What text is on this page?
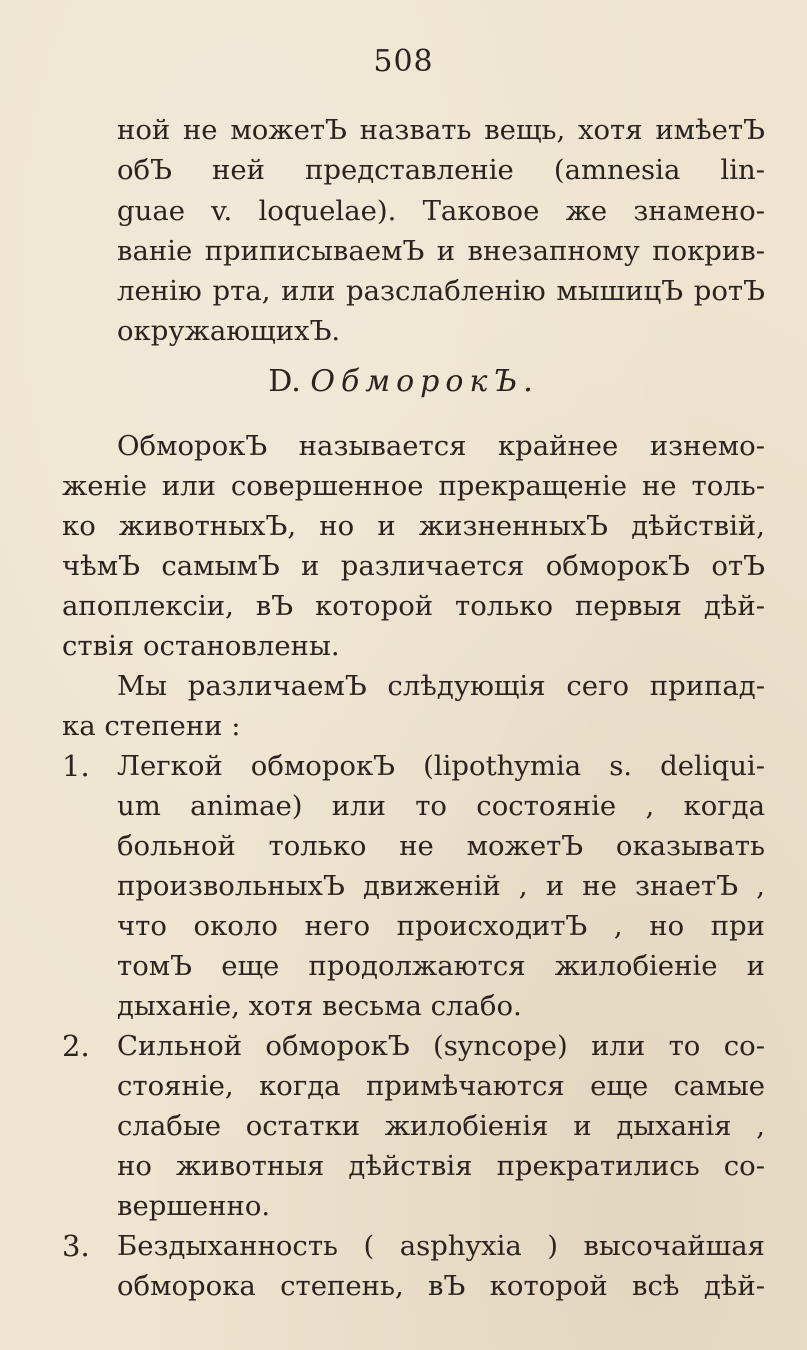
508
ной не можетЪ назвать вещь, хотя имѣетЪ
обЪ ней представленіе (amnesia lin-
guae v. loquelae). Таковое же знамено-
ваніе приписываемЪ и внезапному покрив-
ленію рта, или разслабленію мышицЪ ротЪ
окружающихЪ.
D. ОбморокЪ.
ОбморокЪ называется крайнее изнемо-
женіе или совершенное прекращеніе не толь-
ко животныхЪ, но и жизненныхЪ дѣйствій,
чѣмЪ самымЪ и различается обморокЪ отЪ
апоплексіи, вЪ которой только первыя дѣй-
ствія остановлены.
Мы различаемЪ слѣдующія сего припад-
ка степени :
1. Легкой обморокЪ (lipothymia s. deliqui-
um animae) или то состояніе , когда
больной только не можетЪ оказывать
произвольныхЪ движеній , и не знаетЪ ,
что около него происходитЪ , но при
томЪ еще продолжаются жилобіеніе и
дыханіе, хотя весьма слабо.
2. Сильной обморокЪ (syncope) или то со-
стояніе, когда примѣчаются еще самые
слабые остатки жилобіенія и дыханія ,
но животныя дѣйствія прекратились со-
вершенно.
3. Бездыханность ( asphyxia ) высочайшая
обморока степень, вЪ которой всѣ дѣй-
